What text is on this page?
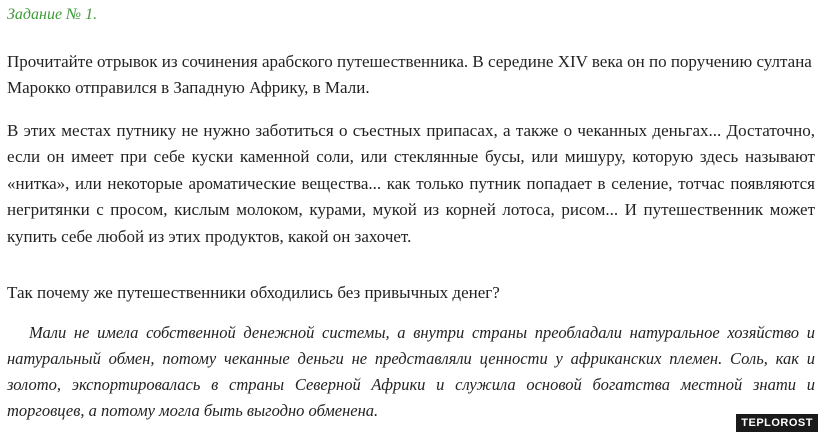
Задание № 1.

Прочитайте отрывок из сочинения арабского путешественника. В середине XIV века он по поручению султана Марокко отправился в Западную Африку, в Мали.

В этих местах путнику не нужно заботиться о съестных припасах, а также о чеканных деньгах... Достаточно, если он имеет при себе куски каменной соли, или стеклянные бусы, или мишуру, которую здесь называют «нитка», или некоторые ароматические вещества... как только путник попадает в селение, тотчас появляются негритянки с просом, кислым молоком, курами, мукой из корней лотоса, рисом... И путешественник может купить себе любой из этих продуктов, какой он захочет.

Так почему же путешественники обходились без привычных денег?

Мали не имела собственной денежной системы, а внутри страны преобладали натуральное хозяйство и натуральный обмен, потому чеканные деньги не представляли ценности у африканских племен. Соль, как и золото, экспортировалась в страны Северной Африки и служила основой богатства местной знати и торговцев, а потому могла быть выгодно обменена.

TEPLOROST
